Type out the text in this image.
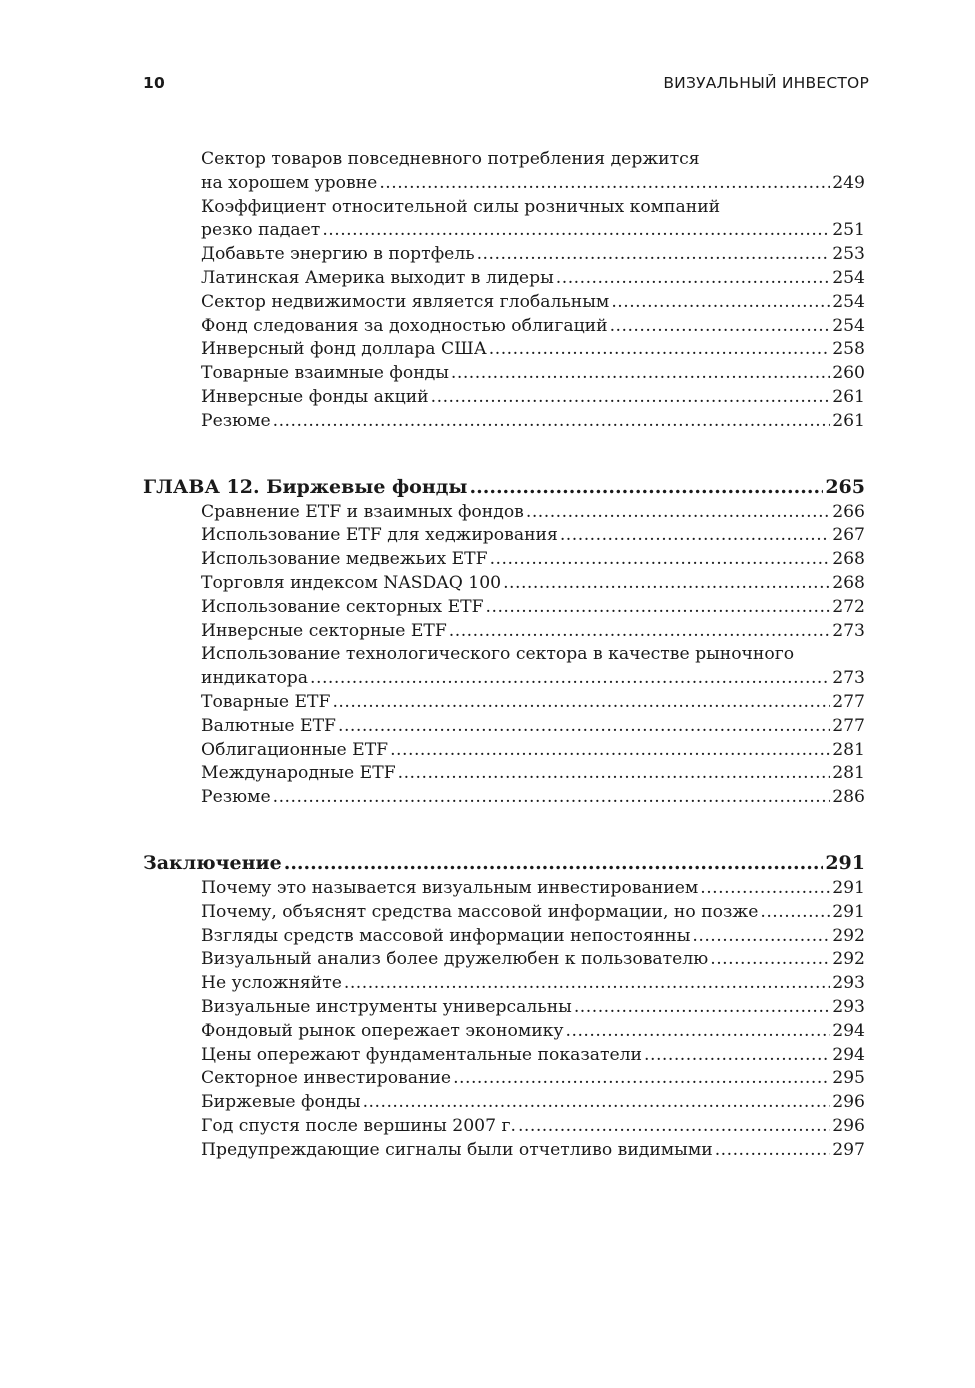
10	ВИЗУАЛЬНЫЙ ИНВЕСТОР
Сектор товаров повседневного потребления держится
на хорошем уровне .....	249
Коэффициент относительной силы розничных компаний
резко падает .....	251
Добавьте энергию в портфель .....	253
Латинская Америка выходит в лидеры .....	254
Сектор недвижимости является глобальным .....	254
Фонд следования за доходностью облигаций .....	254
Инверсный фонд доллара США .....	258
Товарные взаимные фонды .....	260
Инверсные фонды акций .....	261
Резюме .....	261
ГЛАВА 12. Биржевые фонды .....	265
Сравнение ETF и взаимных фондов .....	266
Использование ETF для хеджирования .....	267
Использование медвежьих ETF .....	268
Торговля индексом NASDAQ 100 .....	268
Использование секторных ETF .....	272
Инверсные секторные ETF .....	273
Использование технологического сектора в качестве рыночного
индикатора .....	273
Товарные ETF .....	277
Валютные ETF .....	277
Облигационные ETF .....	281
Международные ETF .....	281
Резюме .....	286
Заключение .....	291
Почему это называется визуальным инвестированием .....	291
Почему, объяснят средства массовой информации, но позже .....	291
Взгляды средств массовой информации непостоянны .....	292
Визуальный анализ более дружелюбен к пользователю .....	292
Не усложняйте .....	293
Визуальные инструменты универсальны .....	293
Фондовый рынок опережает экономику .....	294
Цены опережают фундаментальные показатели .....	294
Секторное инвестирование .....	295
Биржевые фонды .....	296
Год спустя после вершины 2007 г. .....	296
Предупреждающие сигналы были отчетливо видимыми .....	297
